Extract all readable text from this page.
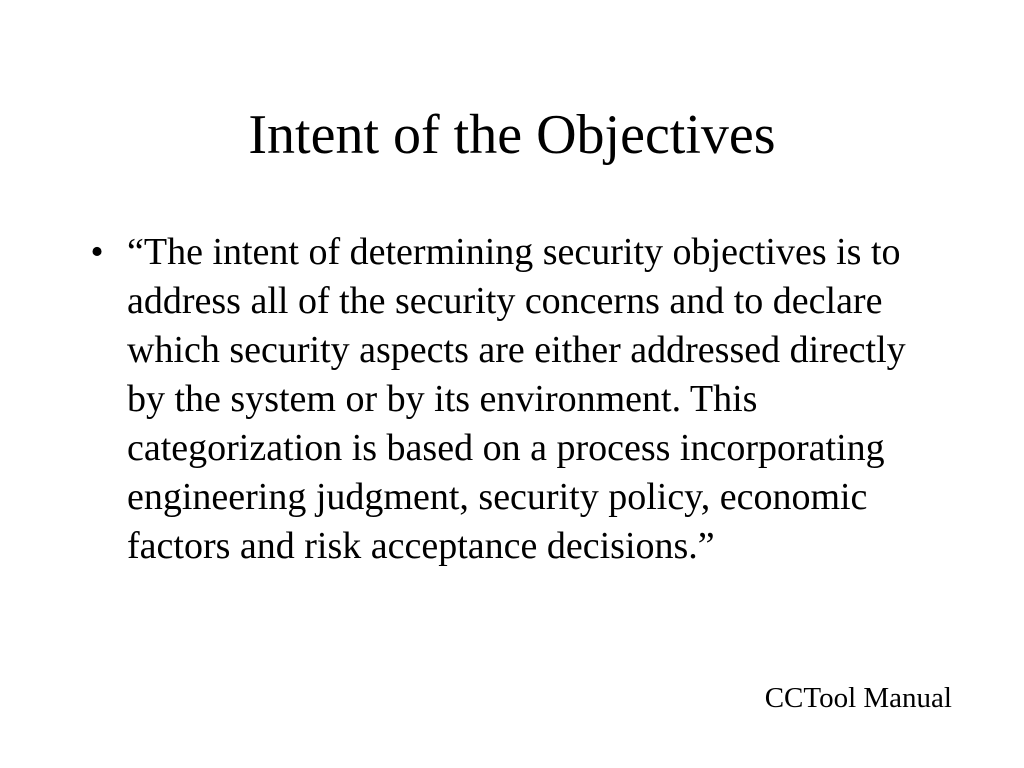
Intent of the Objectives
• “The intent of determining security objectives is to address all of the security concerns and to declare which security aspects are either addressed directly by the system or by its environment. This categorization is based on a process incorporating engineering judgment, security policy, economic factors and risk acceptance decisions.”
CCTool Manual
